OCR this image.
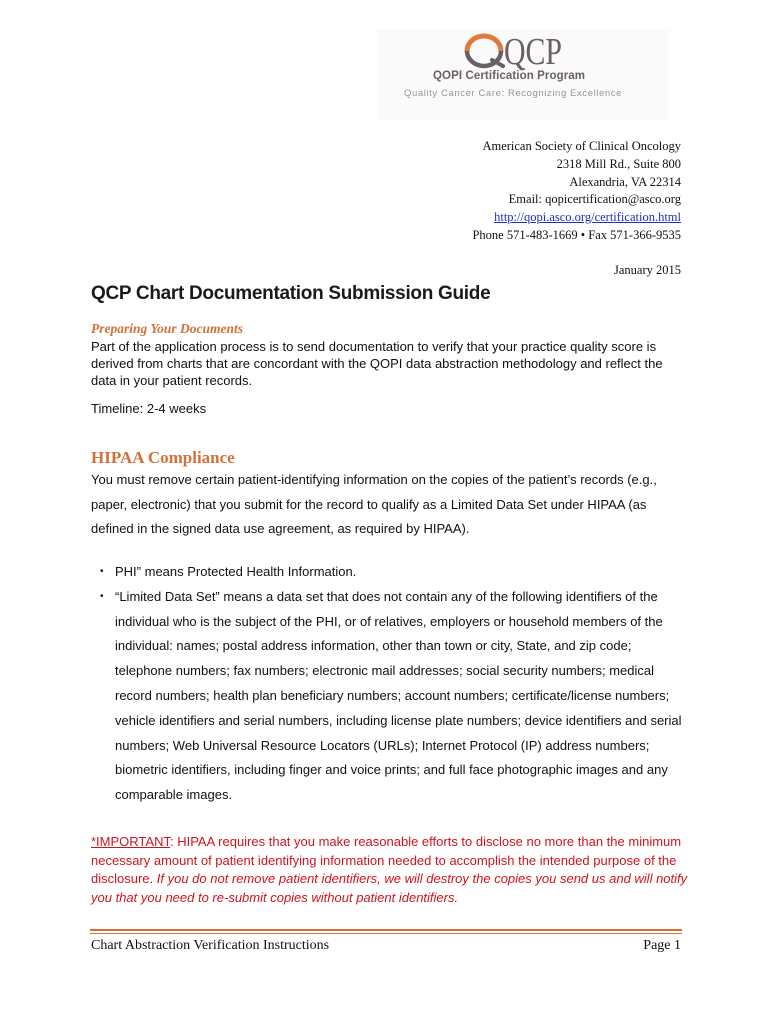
QCP
QOPI Certification Program
Quality Cancer Care: Recognizing Excellence
American Society of Clinical Oncology
2318 Mill Rd., Suite 800
Alexandria, VA 22314
Email: qopicertification@asco.org
http://qopi.asco.org/certification.html
Phone 571-483-1669 • Fax 571-366-9535
January 2015
QCP Chart Documentation Submission Guide
Preparing Your Documents
Part of the application process is to send documentation to verify that your practice quality score is derived from charts that are concordant with the QOPI data abstraction methodology and reflect the data in your patient records.
Timeline: 2-4 weeks
HIPAA Compliance
You must remove certain patient-identifying information on the copies of the patient’s records (e.g., paper, electronic) that you submit for the record to qualify as a Limited Data Set under HIPAA (as defined in the signed data use agreement, as required by HIPAA).
• PHI” means Protected Health Information.
• “Limited Data Set” means a data set that does not contain any of the following identifiers of the individual who is the subject of the PHI, or of relatives, employers or household members of the individual: names; postal address information, other than town or city, State, and zip code; telephone numbers; fax numbers; electronic mail addresses; social security numbers; medical record numbers; health plan beneficiary numbers; account numbers; certificate/license numbers; vehicle identifiers and serial numbers, including license plate numbers; device identifiers and serial numbers; Web Universal Resource Locators (URLs); Internet Protocol (IP) address numbers; biometric identifiers, including finger and voice prints; and full face photographic images and any comparable images.
*IMPORTANT: HIPAA requires that you make reasonable efforts to disclose no more than the minimum necessary amount of patient identifying information needed to accomplish the intended purpose of the disclosure. If you do not remove patient identifiers, we will destroy the copies you send us and will notify you that you need to re-submit copies without patient identifiers.
Chart Abstraction Verification Instructions	Page 1
